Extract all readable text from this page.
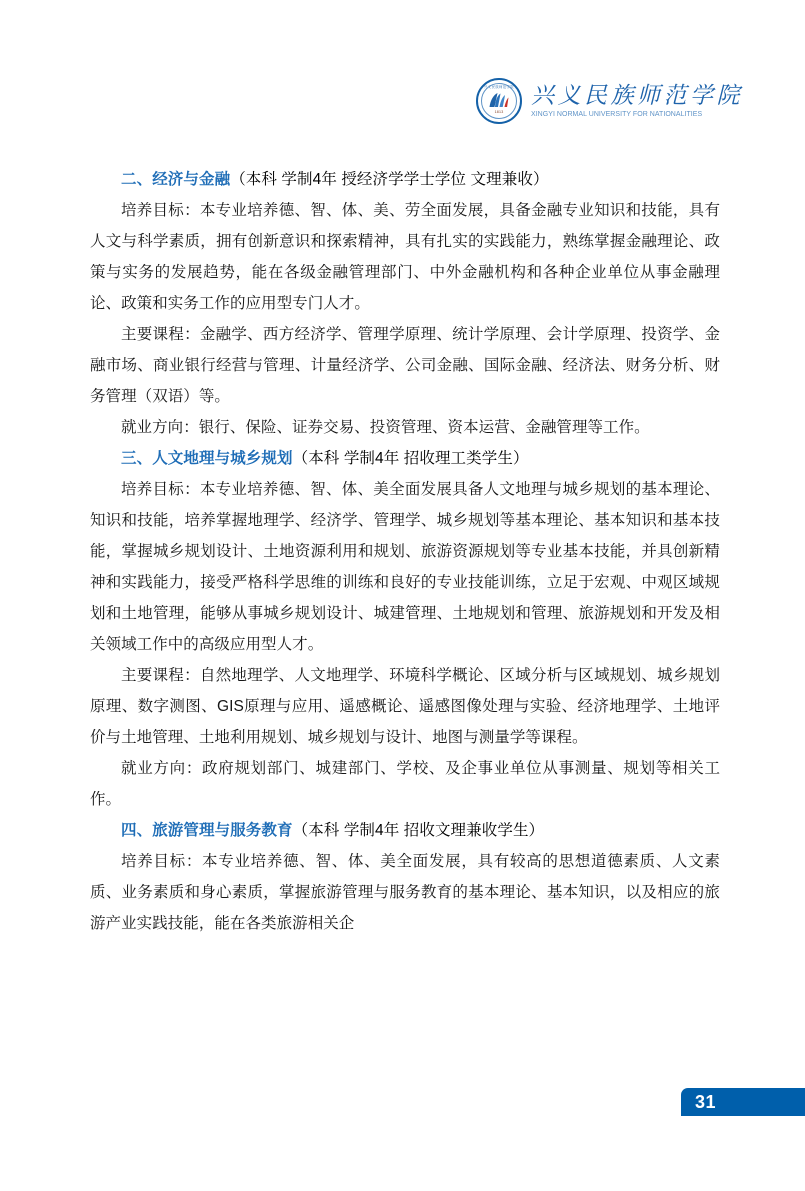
兴义民族师范学院
1813
兴义民族师范学院
XINGYI NORMAL UNIVERSITY FOR NATIONALITIES

二、经济与金融（本科 学制4年 授经济学学士学位 文理兼收）

培养目标：本专业培养德、智、体、美、劳全面发展，具备金融专业知识和技能，具有人文与科学素质，拥有创新意识和探索精神，具有扎实的实践能力，熟练掌握金融理论、政策与实务的发展趋势，能在各级金融管理部门、中外金融机构和各种企业单位从事金融理论、政策和实务工作的应用型专门人才。

主要课程：金融学、西方经济学、管理学原理、统计学原理、会计学原理、投资学、金融市场、商业银行经营与管理、计量经济学、公司金融、国际金融、经济法、财务分析、财务管理（双语）等。

就业方向：银行、保险、证券交易、投资管理、资本运营、金融管理等工作。

三、人文地理与城乡规划（本科 学制4年 招收理工类学生）

培养目标：本专业培养德、智、体、美全面发展具备人文地理与城乡规划的基本理论、知识和技能，培养掌握地理学、经济学、管理学、城乡规划等基本理论、基本知识和基本技能，掌握城乡规划设计、土地资源利用和规划、旅游资源规划等专业基本技能，并具创新精神和实践能力，接受严格科学思维的训练和良好的专业技能训练，立足于宏观、中观区域规划和土地管理，能够从事城乡规划设计、城建管理、土地规划和管理、旅游规划和开发及相关领域工作中的高级应用型人才。

主要课程：自然地理学、人文地理学、环境科学概论、区域分析与区域规划、城乡规划原理、数字测图、GIS原理与应用、遥感概论、遥感图像处理与实验、经济地理学、土地评价与土地管理、土地利用规划、城乡规划与设计、地图与测量学等课程。

就业方向：政府规划部门、城建部门、学校、及企事业单位从事测量、规划等相关工作。

四、旅游管理与服务教育（本科 学制4年 招收文理兼收学生）

培养目标：本专业培养德、智、体、美全面发展，具有较高的思想道德素质、人文素质、业务素质和身心素质，掌握旅游管理与服务教育的基本理论、基本知识，以及相应的旅游产业实践技能，能在各类旅游相关企

31
